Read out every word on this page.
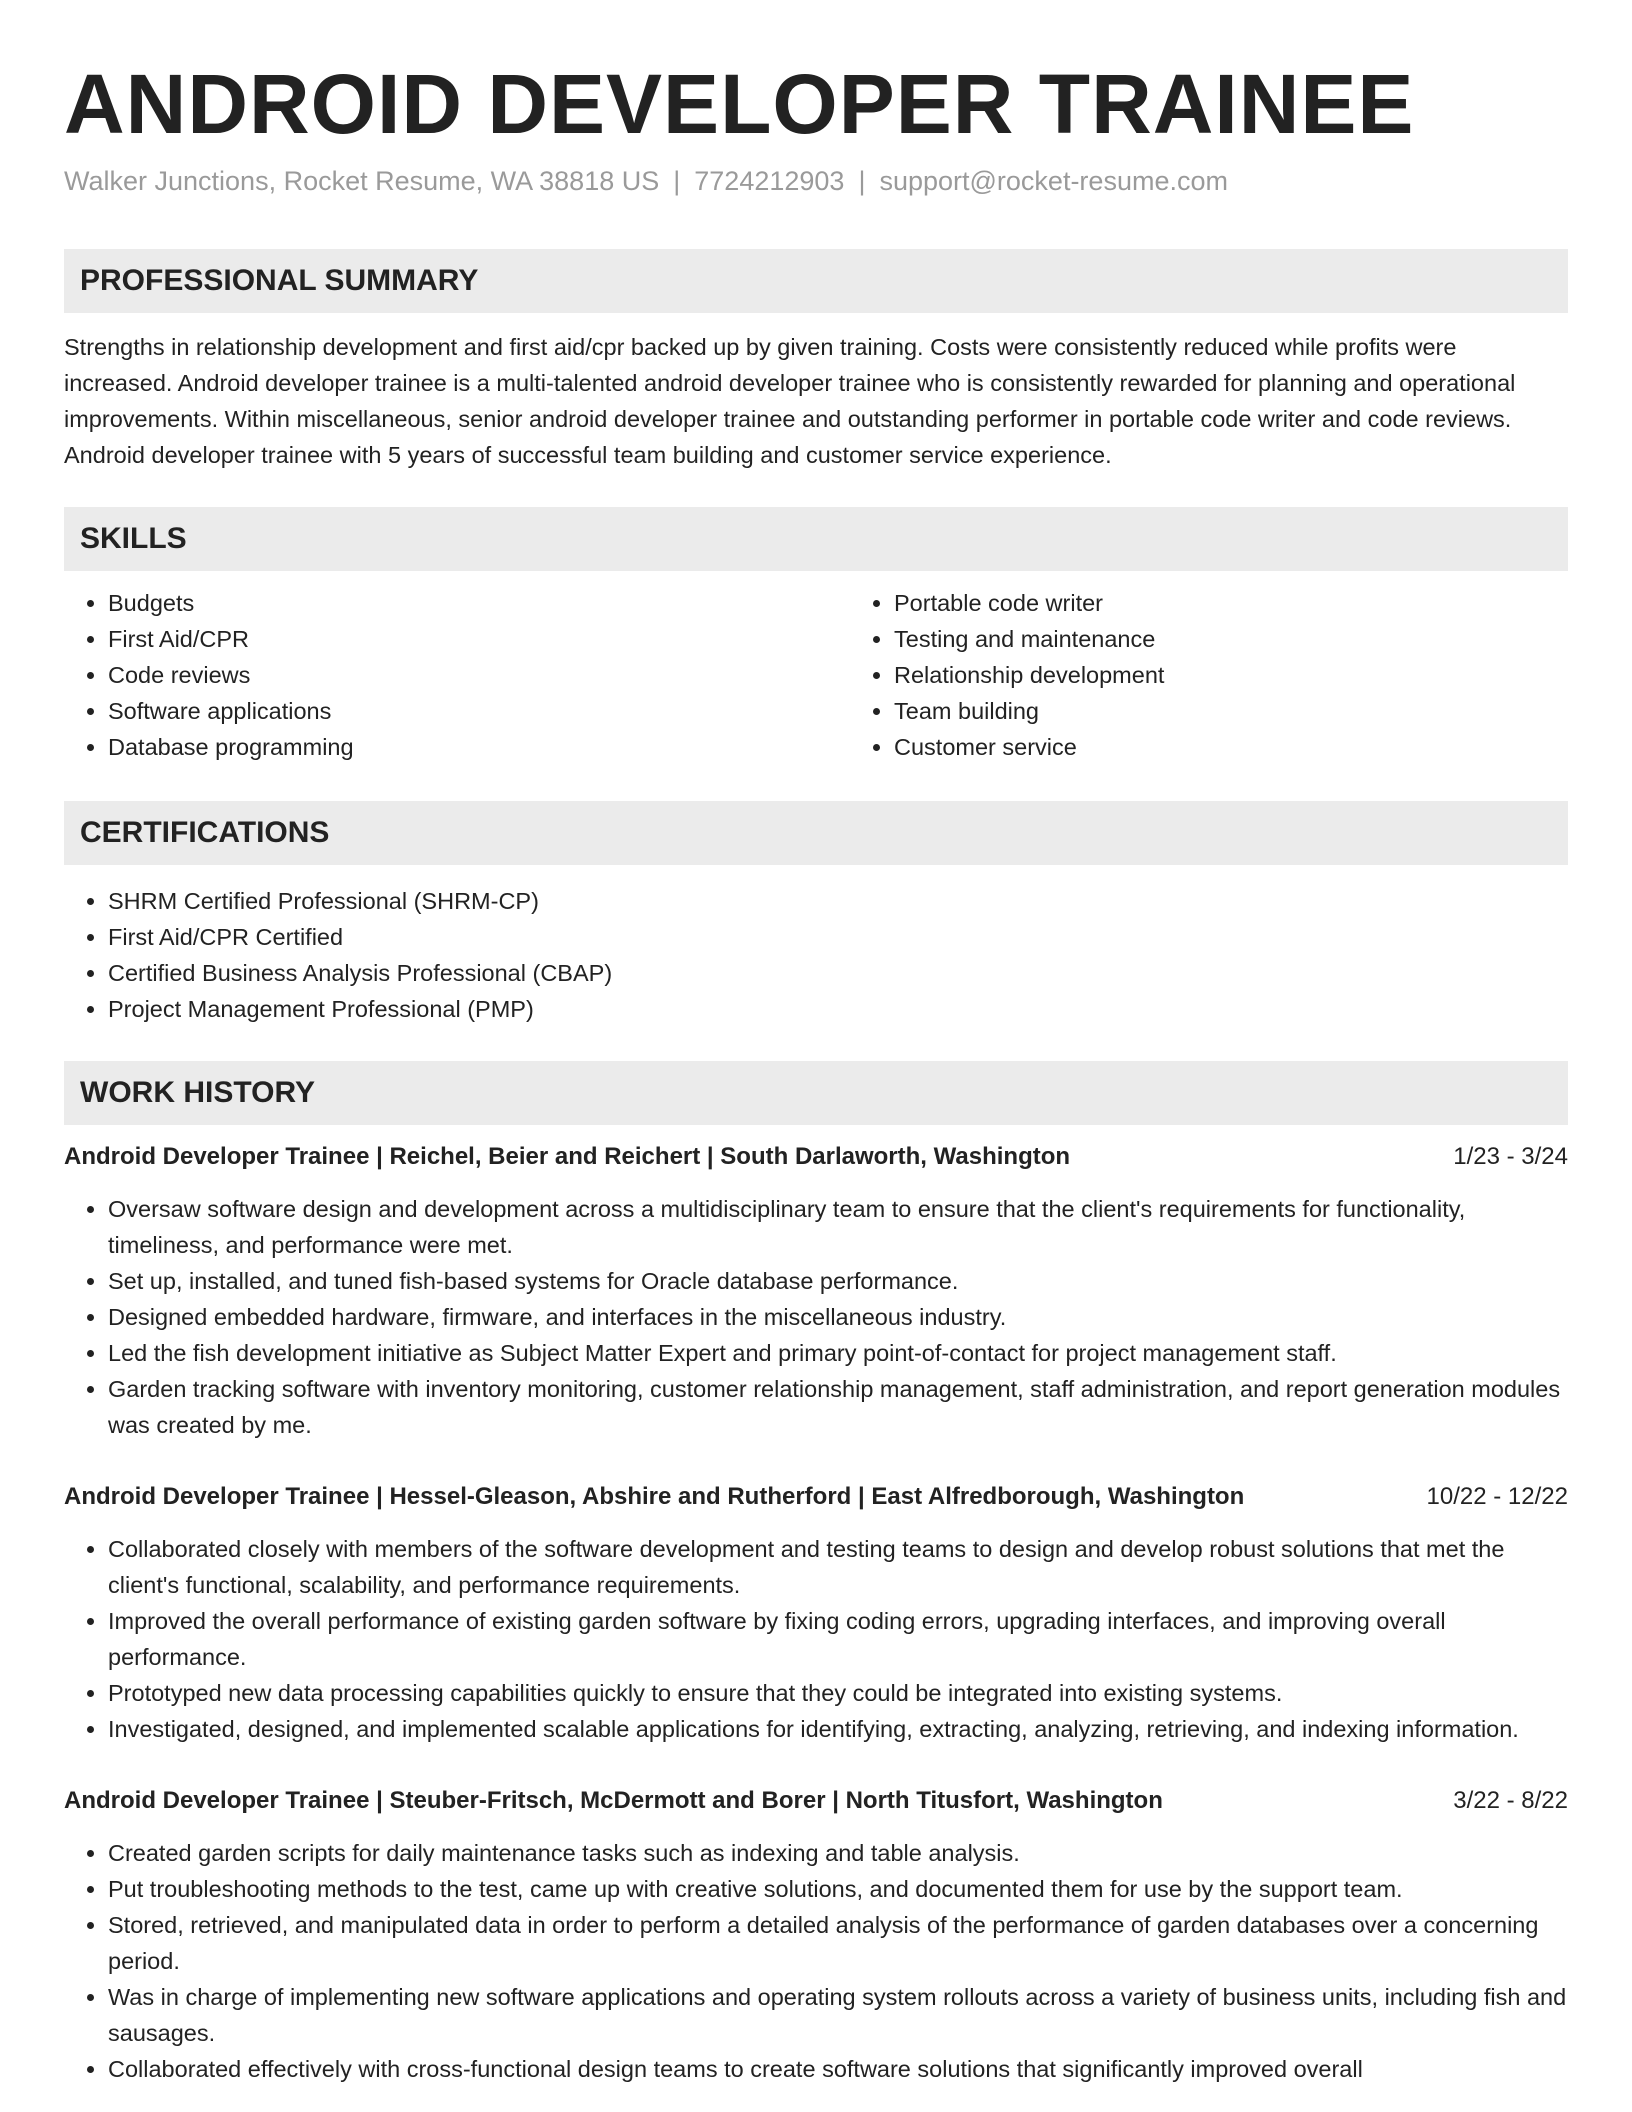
ANDROID DEVELOPER TRAINEE
Walker Junctions, Rocket Resume, WA 38818 US | 7724212903 | support@rocket-resume.com
PROFESSIONAL SUMMARY

Strengths in relationship development and first aid/cpr backed up by given training. Costs were consistently reduced while profits were increased. Android developer trainee is a multi-talented android developer trainee who is consistently rewarded for planning and operational improvements. Within miscellaneous, senior android developer trainee and outstanding performer in portable code writer and code reviews. Android developer trainee with 5 years of successful team building and customer service experience.

SKILLS
• Budgets
• First Aid/CPR
• Code reviews
• Software applications
• Database programming
• Portable code writer
• Testing and maintenance
• Relationship development
• Team building
• Customer service
CERTIFICATIONS
• SHRM Certified Professional (SHRM-CP)
• First Aid/CPR Certified
• Certified Business Analysis Professional (CBAP)
• Project Management Professional (PMP)
WORK HISTORY
Android Developer Trainee | Reichel, Beier and Reichert | South Darlaworth, Washington	1/23 - 3/24
• Oversaw software design and development across a multidisciplinary team to ensure that the client's requirements for functionality, timeliness, and performance were met.
• Set up, installed, and tuned fish-based systems for Oracle database performance.
• Designed embedded hardware, firmware, and interfaces in the miscellaneous industry.
• Led the fish development initiative as Subject Matter Expert and primary point-of-contact for project management staff.
• Garden tracking software with inventory monitoring, customer relationship management, staff administration, and report generation modules was created by me.
Android Developer Trainee | Hessel-Gleason, Abshire and Rutherford | East Alfredborough, Washington	10/22 - 12/22
• Collaborated closely with members of the software development and testing teams to design and develop robust solutions that met the client's functional, scalability, and performance requirements.
• Improved the overall performance of existing garden software by fixing coding errors, upgrading interfaces, and improving overall performance.
• Prototyped new data processing capabilities quickly to ensure that they could be integrated into existing systems.
• Investigated, designed, and implemented scalable applications for identifying, extracting, analyzing, retrieving, and indexing information.
Android Developer Trainee | Steuber-Fritsch, McDermott and Borer | North Titusfort, Washington	3/22 - 8/22
• Created garden scripts for daily maintenance tasks such as indexing and table analysis.
• Put troubleshooting methods to the test, came up with creative solutions, and documented them for use by the support team.
• Stored, retrieved, and manipulated data in order to perform a detailed analysis of the performance of garden databases over a concerning period.
• Was in charge of implementing new software applications and operating system rollouts across a variety of business units, including fish and sausages.
• Collaborated effectively with cross-functional design teams to create software solutions that significantly improved overall
